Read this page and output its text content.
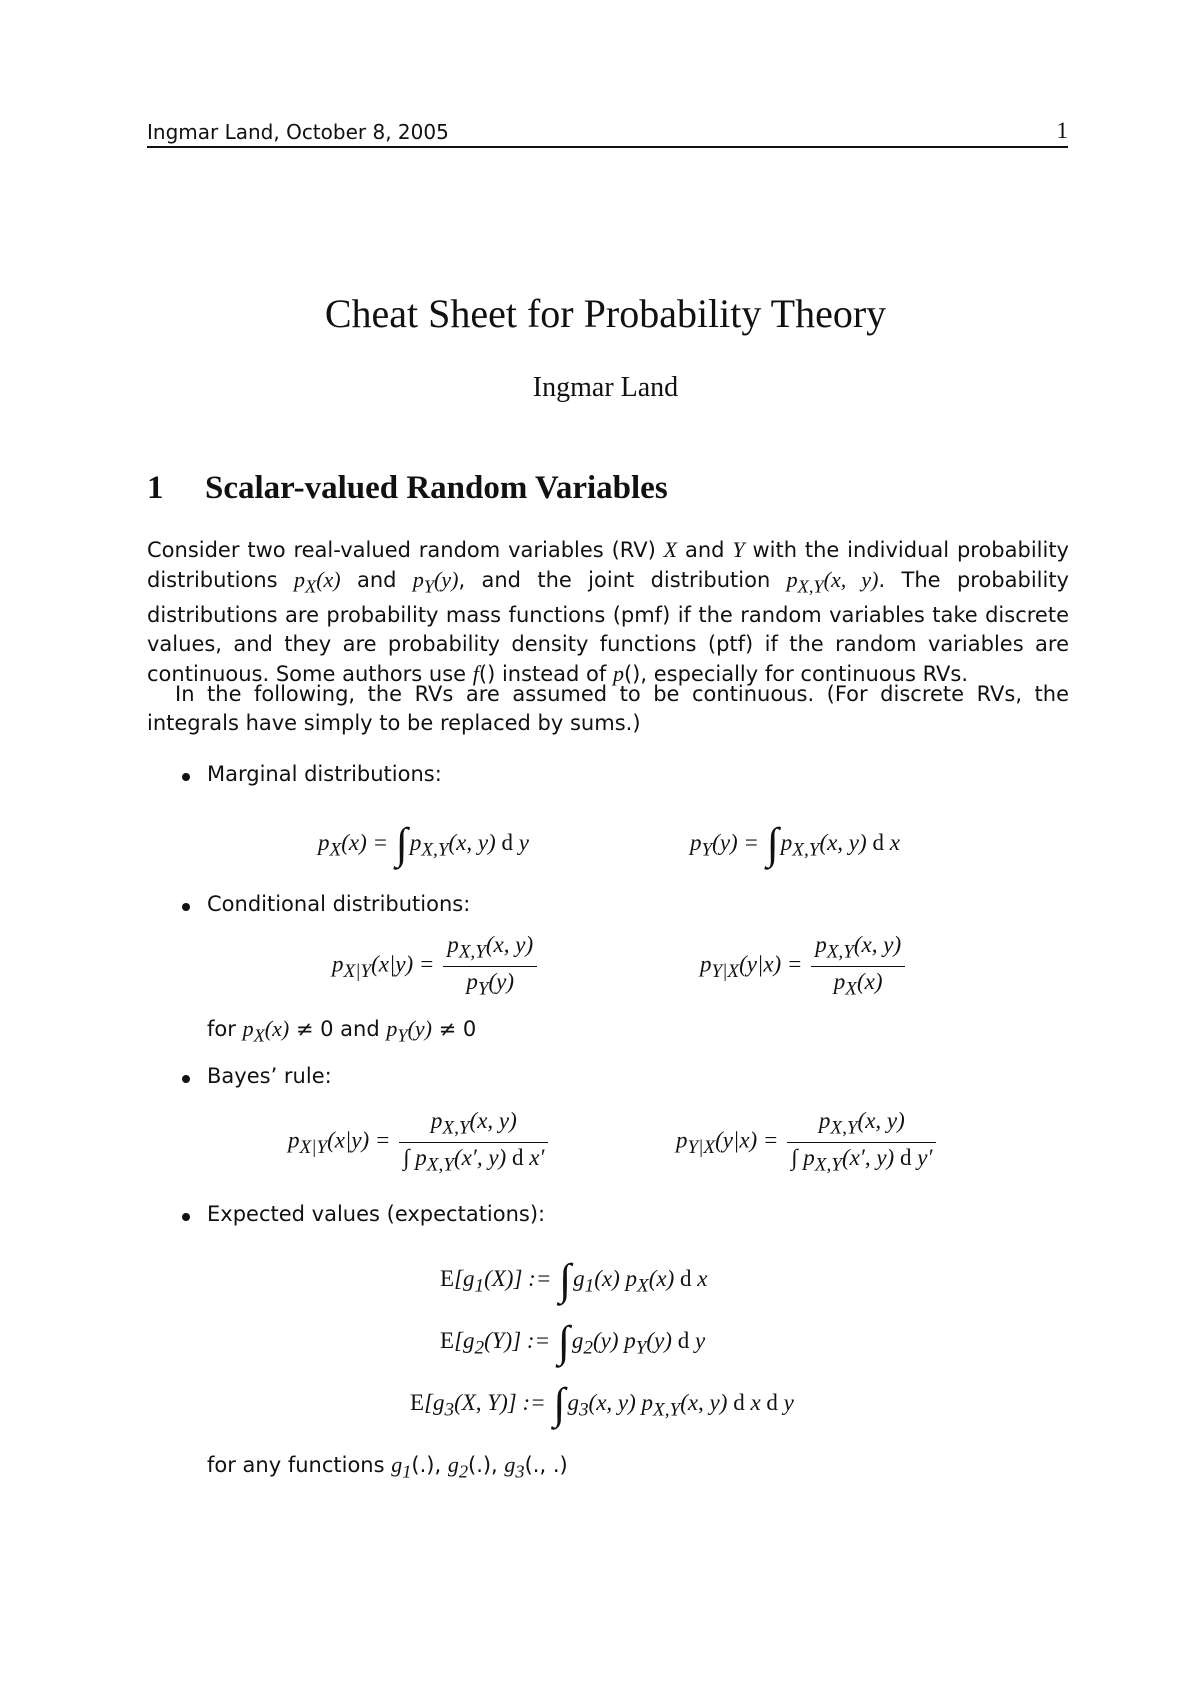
Ingmar Land, October 8, 2005	1
Cheat Sheet for Probability Theory
Ingmar Land
1 Scalar-valued Random Variables
Consider two real-valued random variables (RV) X and Y with the individual probability distributions $p_X(x)$ and $p_Y(y)$, and the joint distribution $p_{X,Y}(x$, y). The probability distributions are probability mass functions (pmf) if the random variables take discrete values, and they are probability density functions (ptf) if the random variables are continuous. Some authors use f() instead of p(), especially for continuous RVs.
In the following, the RVs are assumed to be continuous. (For discrete RVs, the integrals have simply to be replaced by sums.)
Marginal distributions:
$p_X(x) = \int p_{X,Y}(x$, y) d y	$p_Y(y) = \int p_{X,Y}(x$, y) d x
Conditional distributions:
$p_{X|Y}(x|y) = \frac{p_{X,Y}(x, y)}{p_Y(y)}$	$p_{Y|X}(y|x) = \frac{p_{X,Y}(x, y)}{p_X(x)}$
for $p_X(x) \ne 0$ and $p_Y(y) \ne 0$
Bayes’ rule:
$p_{X|Y}(x|y) = \frac{p_{X,Y}(x, y)}{\int p_{X,Y}(x', y) d x'}$	$p_{Y|X}(y|x) = \frac{p_{X,Y}(x, y)}{\int p_{X,Y}(x', y) d y'}$
Expected values (expectations):
$E[g_1(X)]$ := $\int g_1(x)$ $p_X(x)$ d x
$E[g_2(Y)]$ := $\int g_2(y)$ $p_Y(y)$ d y
$E[g_3(X$, Y)] := $\int g_3(x$, y) $p_{X,Y}(x$, y) d x d y
for any functions $g_1(.)$, $g_2(.)$, $g_3$(., .)
